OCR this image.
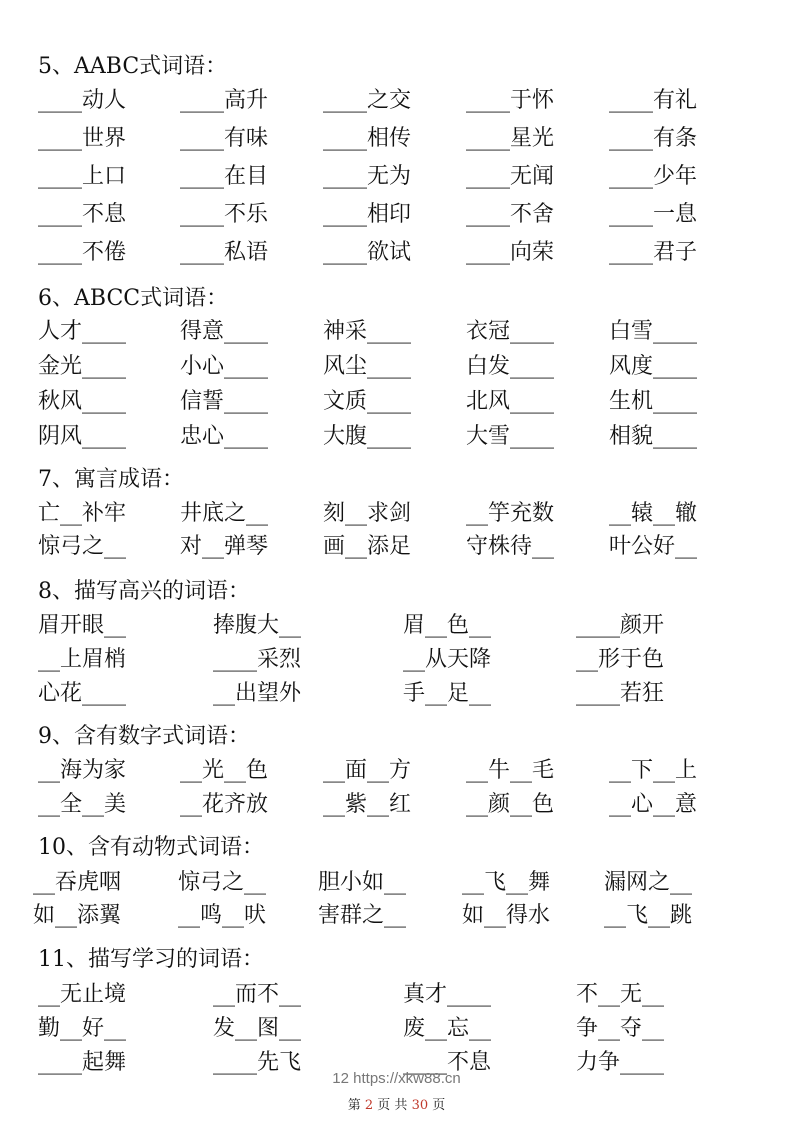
5、AABC式词语：
____动人 ____高升 ____之交 ____于怀 ____有礼
____世界 ____有味 ____相传 ____星光 ____有条
____上口 ____在目 ____无为 ____无闻 ____少年
____不息 ____不乐 ____相印 ____不舍 ____一息
____不倦 ____私语 ____欲试 ____向荣 ____君子
6、ABCC式词语：
人才____ 得意____ 神采____ 衣冠____ 白雪____
金光____ 小心____ 风尘____ 白发____ 风度____
秋风____ 信誓____ 文质____ 北风____ 生机____
阴风____ 忠心____ 大腹____ 大雪____ 相貌____
7、寓言成语：
亡__补牢 井底之__ 刻__求剑 __竽充数 __辕__辙
惊弓之__ 对__弹琴 画__添足 守株待__ 叶公好__
8、描写高兴的词语：
眉开眼__	捧腹大__	眉__色__	____颜开
__上眉梢	____采烈	__从天降	__形于色
心花____	__出望外	手__足__	____若狂
9、含有数字式词语：
__海为家 __光__色 __面__方 __牛__毛 __下__上
__全__美 __花齐放 __紫__红 __颜__色 __心__意
10、含有动物式词语：
__吞虎咽	惊弓之__ 胆小如__	__飞__舞 漏网之__
如__添翼	__鸣__吠 害群之__	如__得水 __飞__跳
11、描写学习的词语：
__无止境	__而不__	真才____	不__无__
勤__好__	发__图__	废__忘__	争__夺__
____起舞	____先飞	____不息	力争____
12 https://xkw88.cn
第 2 页 共 30 页
